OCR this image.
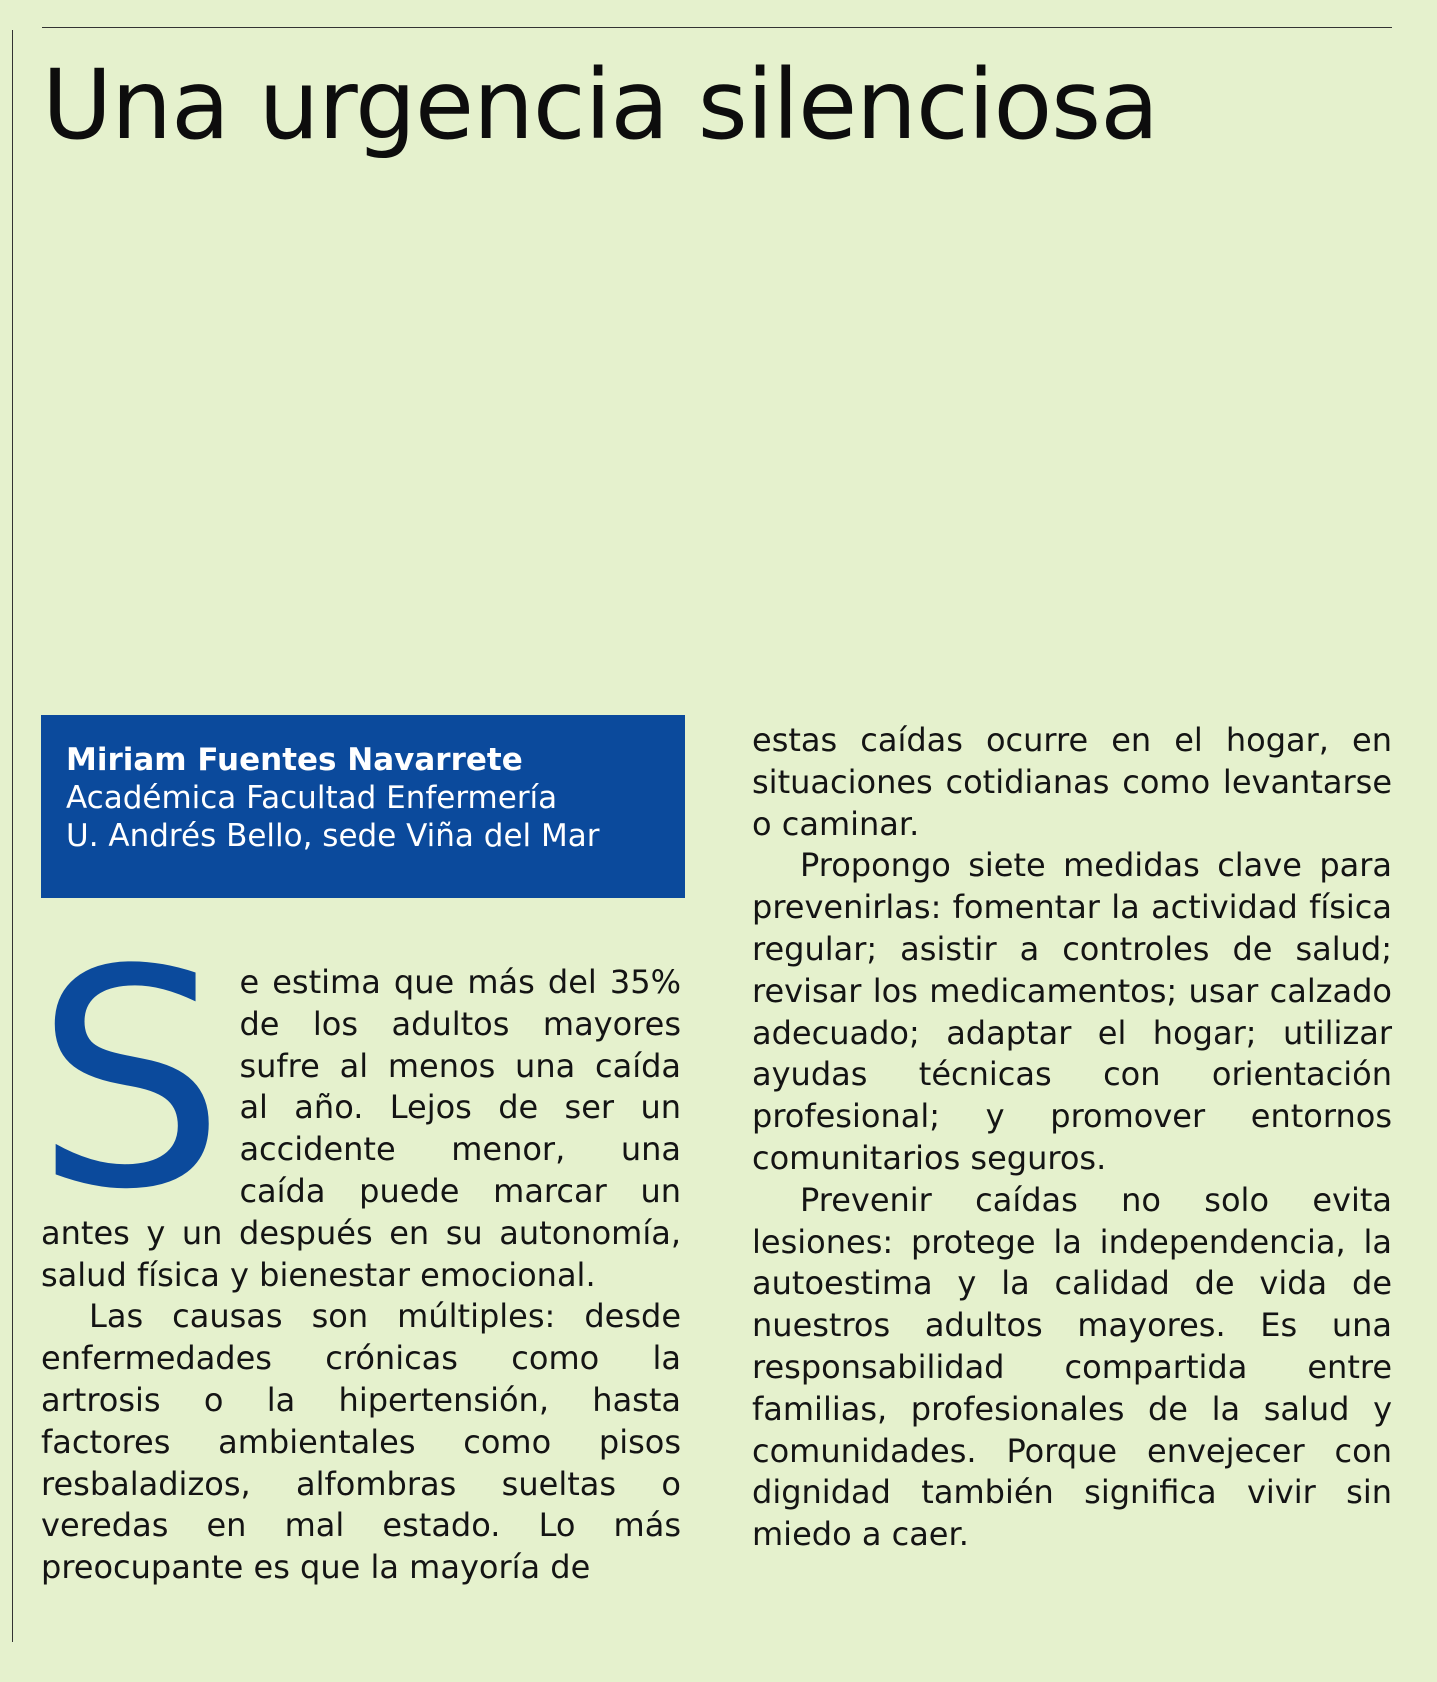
Una urgencia silenciosa
Miriam Fuentes Navarrete
Académica Facultad Enfermería
U. Andrés Bello, sede Viña del Mar
S e estima que más del 35% de los adultos mayores sufre al menos una caída al año. Lejos de ser un accidente menor, una caída puede marcar un antes y un después en su autonomía, salud física y bienestar emocional.

Las causas son múltiples: desde enfermedades crónicas como la artrosis o la hipertensión, hasta factores ambientales como pisos resbaladizos, alfombras sueltas o veredas en mal estado. Lo más preocupante es que la mayoría de

estas caídas ocurre en el hogar, en situaciones cotidianas como levantarse o caminar.

Propongo siete medidas clave para prevenirlas: fomentar la actividad física regular; asistir a controles de salud; revisar los medicamentos; usar calzado adecuado; adaptar el hogar; utilizar ayudas técnicas con orientación profesional; y promover entornos comunitarios seguros.

Prevenir caídas no solo evita lesiones: protege la independencia, la autoestima y la calidad de vida de nuestros adultos mayores. Es una responsabilidad compartida entre familias, profesionales de la salud y comunidades. Porque envejecer con dignidad también significa vivir sin miedo a caer.
